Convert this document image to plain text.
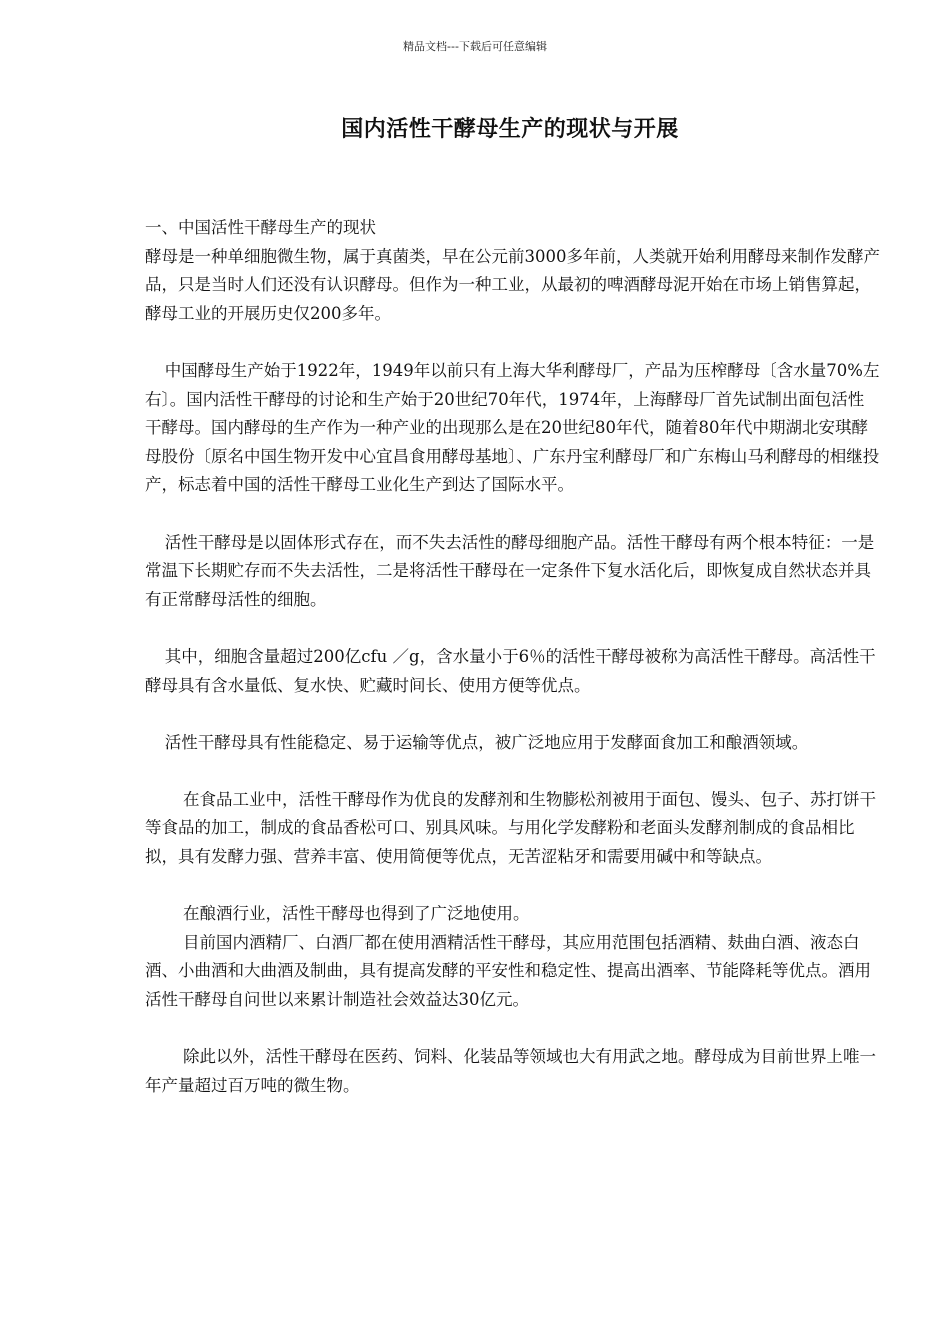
精品文档---下载后可任意编辑
国内活性干酵母生产的现状与开展

一、中国活性干酵母生产的现状

酵母是一种单细胞微生物，属于真菌类，早在公元前3000多年前，人类就开始利用酵母来制作发酵产品，只是当时人们还没有认识酵母。但作为一种工业，从最初的啤酒酵母泥开始在市场上销售算起，酵母工业的开展历史仅200多年。

中国酵母生产始于1922年，1949年以前只有上海大华利酵母厂，产品为压榨酵母〔含水量70%左右〕。国内活性干酵母的讨论和生产始于20世纪70年代，1974年，上海酵母厂首先试制出面包活性干酵母。国内酵母的生产作为一种产业的出现那么是在20世纪80年代，随着80年代中期湖北安琪酵母股份〔原名中国生物开发中心宜昌食用酵母基地〕、广东丹宝利酵母厂和广东梅山马利酵母的相继投产，标志着中国的活性干酵母工业化生产到达了国际水平。

活性干酵母是以固体形式存在，而不失去活性的酵母细胞产品。活性干酵母有两个根本特征：一是常温下长期贮存而不失去活性，二是将活性干酵母在一定条件下复水活化后，即恢复成自然状态并具有正常酵母活性的细胞。

其中，细胞含量超过200亿cfu ／g，含水量小于6％的活性干酵母被称为高活性干酵母。高活性干酵母具有含水量低、复水快、贮藏时间长、使用方便等优点。

活性干酵母具有性能稳定、易于运输等优点，被广泛地应用于发酵面食加工和酿酒领域。

在食品工业中，活性干酵母作为优良的发酵剂和生物膨松剂被用于面包、馒头、包子、苏打饼干等食品的加工，制成的食品香松可口、别具风味。与用化学发酵粉和老面头发酵剂制成的食品相比拟，具有发酵力强、营养丰富、使用简便等优点，无苦涩粘牙和需要用碱中和等缺点。

在酿酒行业，活性干酵母也得到了广泛地使用。

目前国内酒精厂、白酒厂都在使用酒精活性干酵母，其应用范围包括酒精、麸曲白酒、液态白酒、小曲酒和大曲酒及制曲，具有提高发酵的平安性和稳定性、提高出酒率、节能降耗等优点。酒用活性干酵母自问世以来累计制造社会效益达30亿元。

除此以外，活性干酵母在医药、饲料、化装品等领域也大有用武之地。酵母成为目前世界上唯一年产量超过百万吨的微生物。
